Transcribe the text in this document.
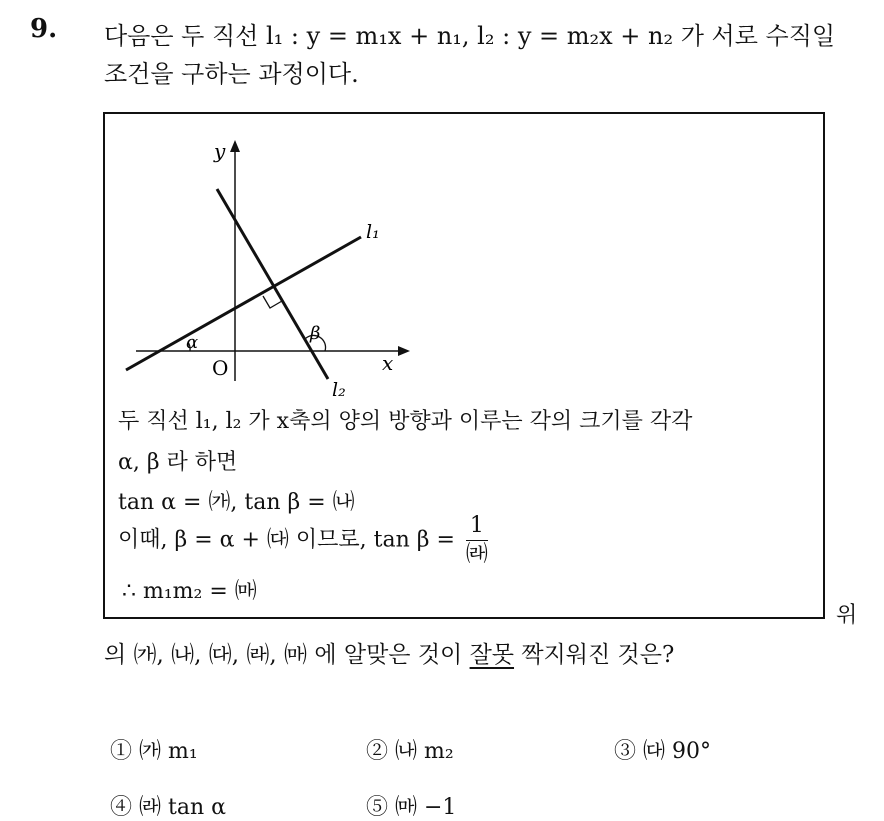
9. 다음은 두 직선 l₁ : y = m₁x + n₁, l₂ : y = m₂x + n₂ 가 서로 수직일
조건을 구하는 과정이다.
y
x
O
l₁
l₂
α	β
두 직선 l₁, l₂ 가 x축의 양의 방향과 이루는 각의 크기를 각각
α, β 라 하면
tan α = ㈎, tan β = ㈏
이때, β = α + ㈐ 이므로, $\tan \beta = \frac{1}{㈑}$
∴ m₁m₂ = ㈒
위
의 ㈎, ㈏, ㈐, ㈑, ㈒ 에 알맞은 것이 잘못 짝지워진 것은?
① ㈎ m₁	② ㈏ m₂	③ ㈐ 90°
④ ㈑ tan α	⑤ ㈒ −1
